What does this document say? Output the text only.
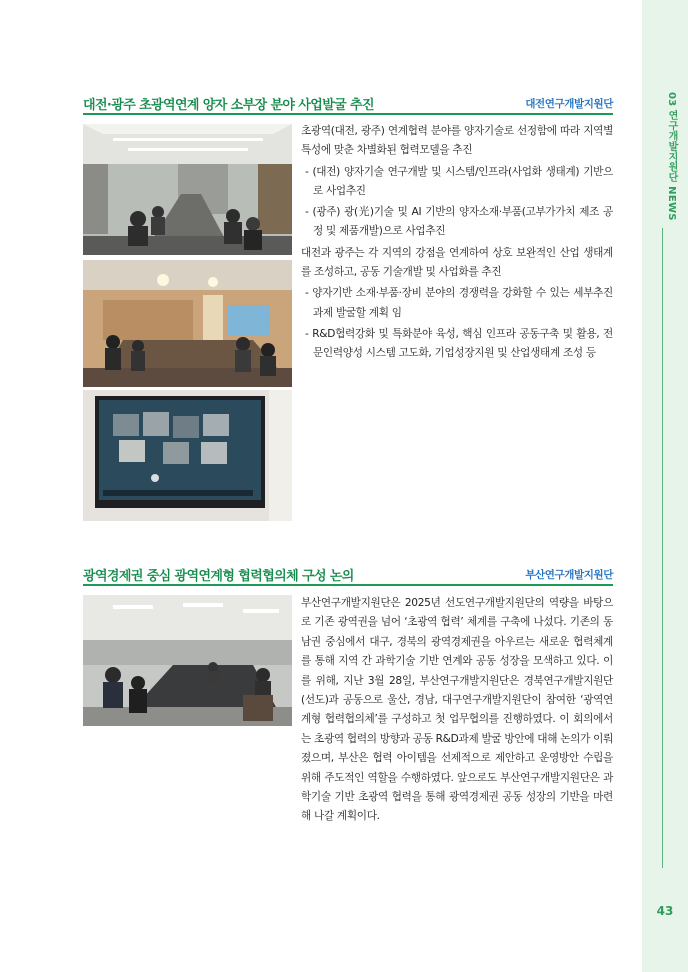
03 연구개발지원단 NEWS
43
대전·광주 초광역연계 양자 소부장 분야 사업발굴 추진	대전연구개발지원단

초광역(대전, 광주) 연계협력 분야를 양자기술로 선정함에 따라 지역별 특성에 맞춘 차별화된 협력모델을 추진

- (대전) 양자기술 연구개발 및 시스템/인프라(사업화 생태계) 기반으로 사업추진

- (광주) 광(光)기술 및 AI 기반의 양자소재·부품(고부가가치 제조 공정 및 제품개발)으로 사업추진

대전과 광주는 각 지역의 강점을 연계하여 상호 보완적인 산업 생태계를 조성하고, 공동 기술개발 및 사업화를 추진

- 양자기반 소재·부품·장비 분야의 경쟁력을 강화할 수 있는 세부추진 과제 발굴할 계획 임

- R&D협력강화 및 특화분야 육성, 핵심 인프라 공동구축 및 활용, 전문인력양성 시스템 고도화, 기업성장지원 및 산업생태계 조성 등

광역경제권 중심 광역연계형 협력협의체 구성 논의	부산연구개발지원단
부산연구개발지원단은 2025년 선도연구개발지원단의 역량을 바탕으로 기존 광역권을 넘어 ‘초광역 협력’ 체계를 구축에 나섰다. 기존의 동남권 중심에서 대구, 경북의 광역경제권을 아우르는 새로운 협력체계를 통해 지역 간 과학기술 기반 연계와 공동 성장을 모색하고 있다. 이를 위해, 지난 3월 28일, 부산연구개발지원단은 경북연구개발지원단(선도)과 공동으로 울산, 경남, 대구연구개발지원단이 참여한 ‘광역연계형 협력협의체’를 구성하고 첫 업무협의를 진행하였다. 이 회의에서는 초광역 협력의 방향과 공동 R&D과제 발굴 방안에 대해 논의가 이뤄졌으며, 부산은 협력 아이템을 선제적으로 제안하고 운영방안 수립을 위해 주도적인 역할을 수행하였다. 앞으로도 부산연구개발지원단은 과학기술 기반 초광역 협력을 통해 광역경제권 공동 성장의 기반을 마련해 나갈 계획이다.
